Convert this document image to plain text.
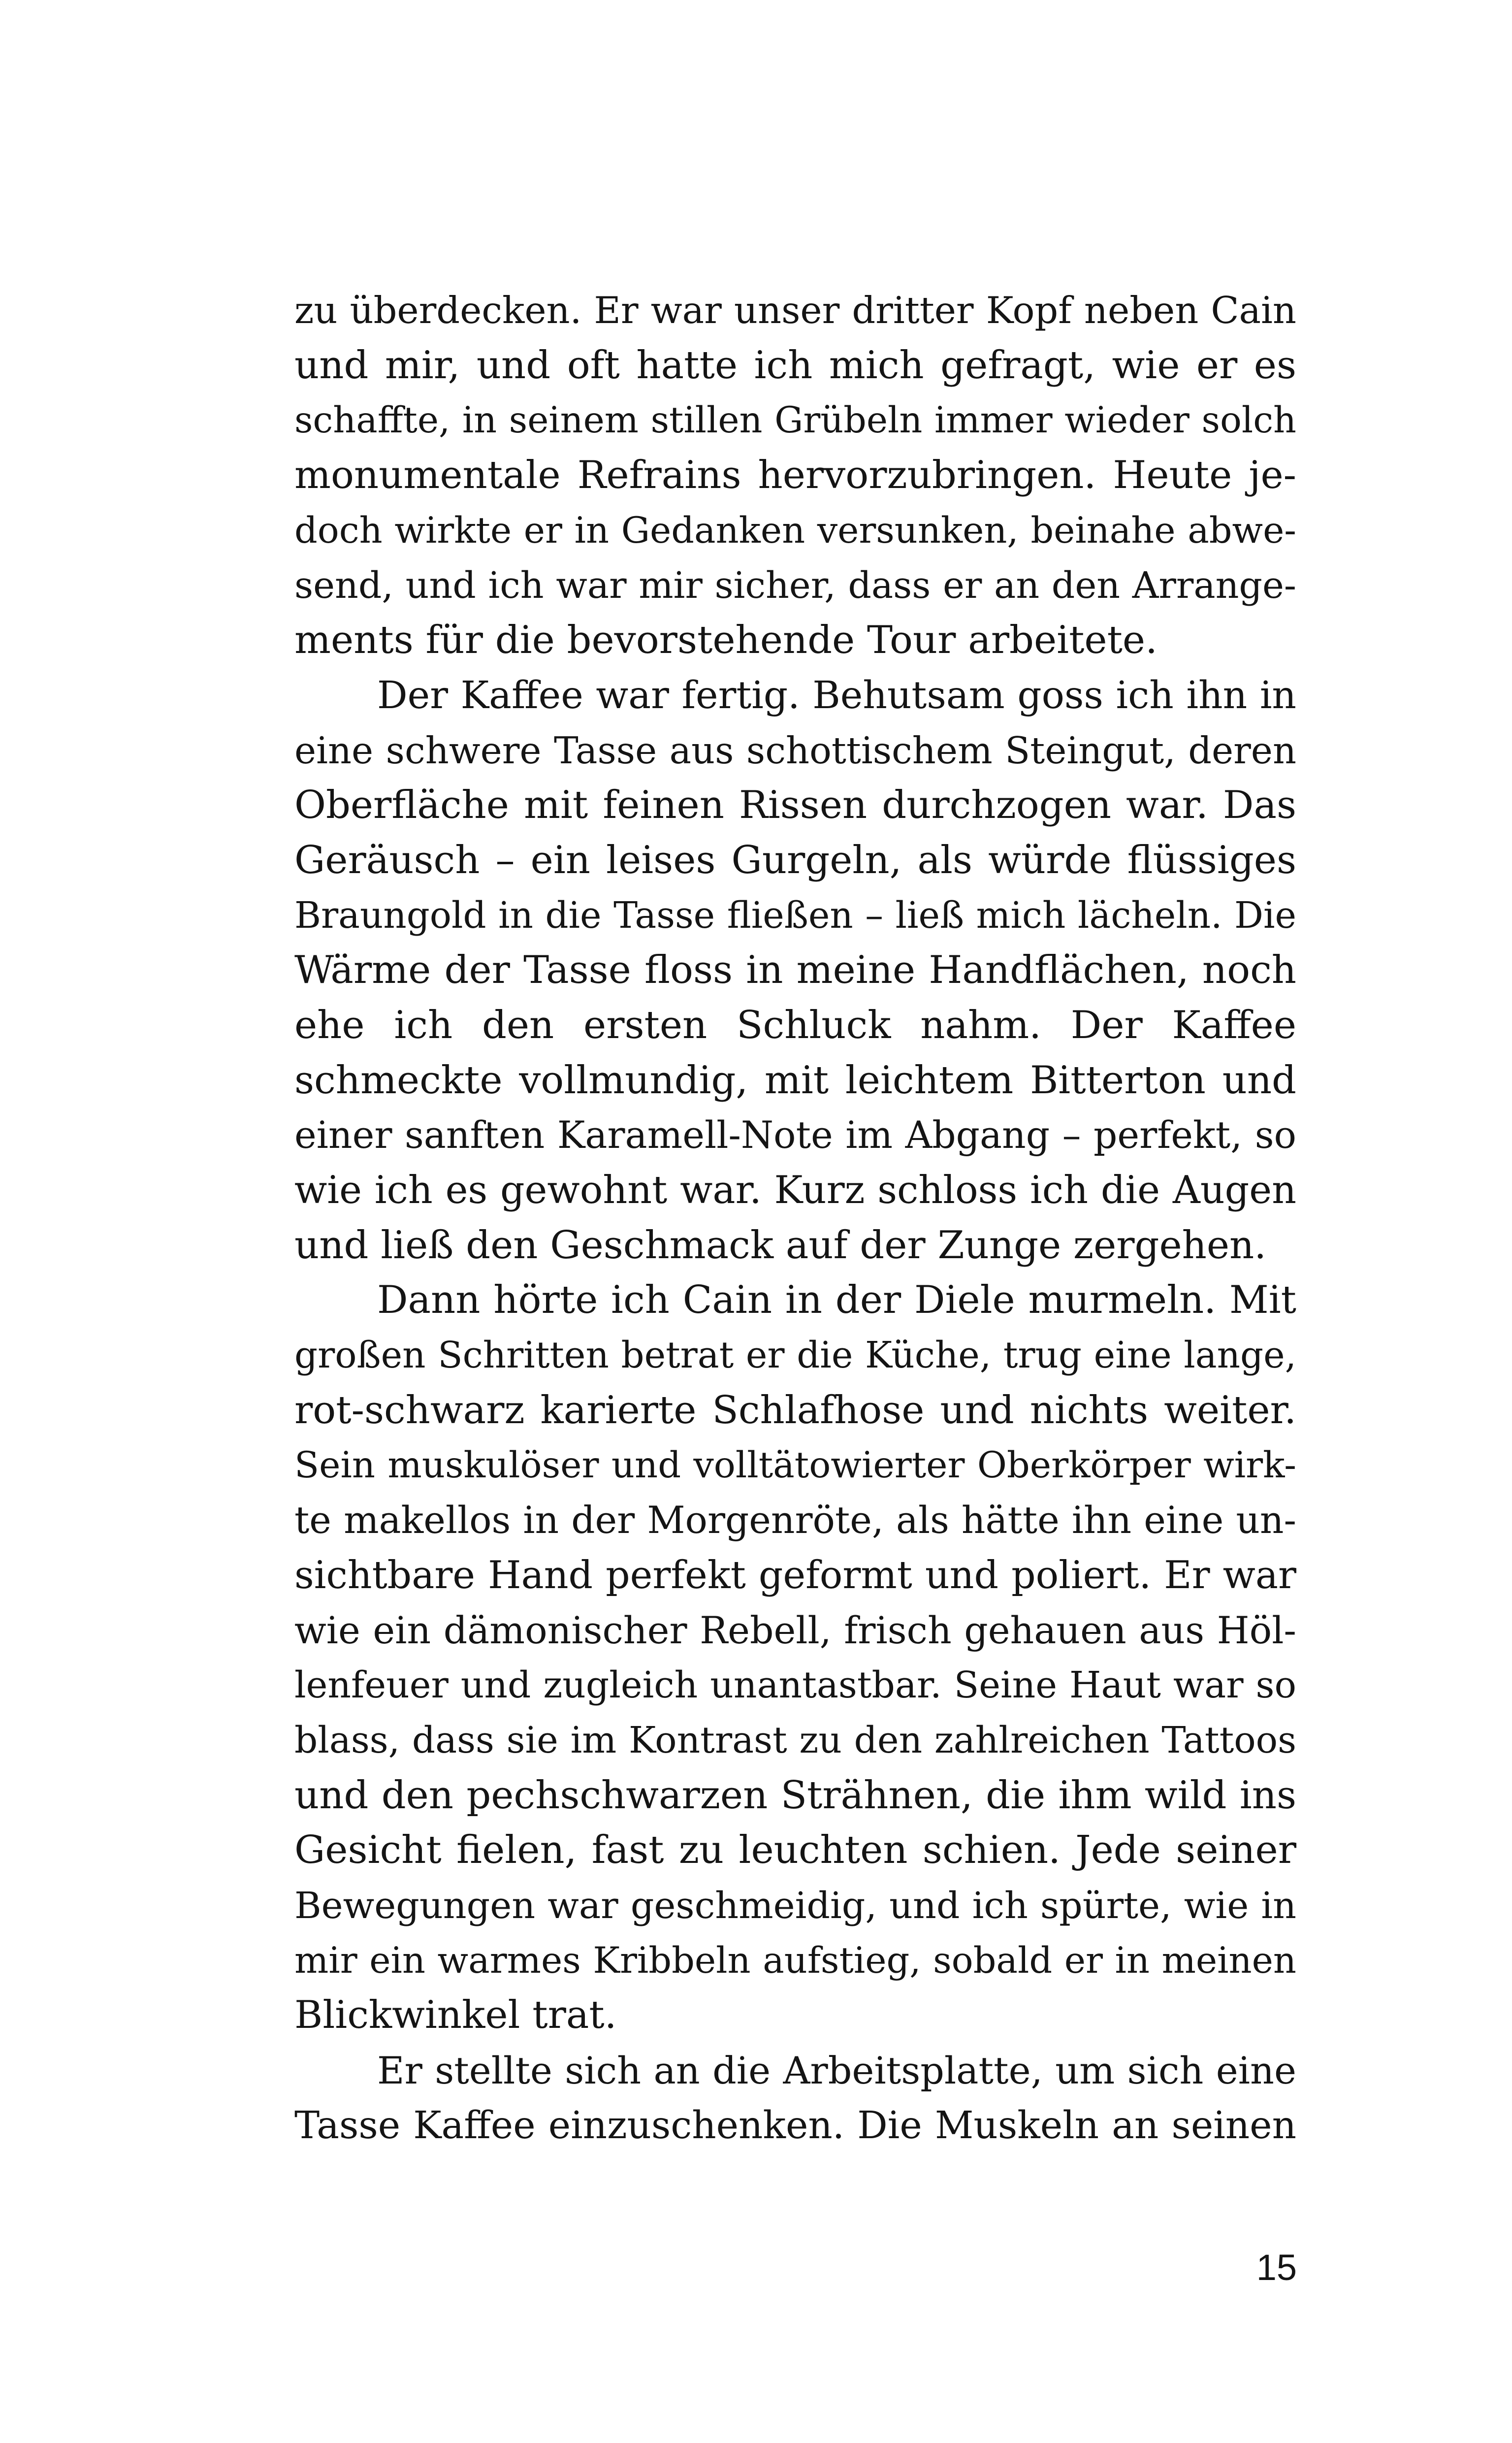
zu überdecken. Er war unser dritter Kopf neben Cain
und mir, und oft hatte ich mich gefragt, wie er es
schaffte, in seinem stillen Grübeln immer wieder solch
monumentale Refrains hervorzubringen. Heute je-
doch wirkte er in Gedanken versunken, beinahe abwe-
send, und ich war mir sicher, dass er an den Arrange-
ments für die bevorstehende Tour arbeitete.
Der Kaffee war fertig. Behutsam goss ich ihn in
eine schwere Tasse aus schottischem Steingut, deren
Oberfläche mit feinen Rissen durchzogen war. Das
Geräusch – ein leises Gurgeln, als würde flüssiges
Braungold in die Tasse fließen – ließ mich lächeln. Die
Wärme der Tasse floss in meine Handflächen, noch
ehe ich den ersten Schluck nahm. Der Kaffee
schmeckte vollmundig, mit leichtem Bitterton und
einer sanften Karamell-Note im Abgang – perfekt, so
wie ich es gewohnt war. Kurz schloss ich die Augen
und ließ den Geschmack auf der Zunge zergehen.
Dann hörte ich Cain in der Diele murmeln. Mit
großen Schritten betrat er die Küche, trug eine lange,
rot-schwarz karierte Schlafhose und nichts weiter.
Sein muskulöser und volltätowierter Oberkörper wirk-
te makellos in der Morgenröte, als hätte ihn eine un-
sichtbare Hand perfekt geformt und poliert. Er war
wie ein dämonischer Rebell, frisch gehauen aus Höl-
lenfeuer und zugleich unantastbar. Seine Haut war so
blass, dass sie im Kontrast zu den zahlreichen Tattoos
und den pechschwarzen Strähnen, die ihm wild ins
Gesicht fielen, fast zu leuchten schien. Jede seiner
Bewegungen war geschmeidig, und ich spürte, wie in
mir ein warmes Kribbeln aufstieg, sobald er in meinen
Blickwinkel trat.
Er stellte sich an die Arbeitsplatte, um sich eine
Tasse Kaffee einzuschenken. Die Muskeln an seinen
15
